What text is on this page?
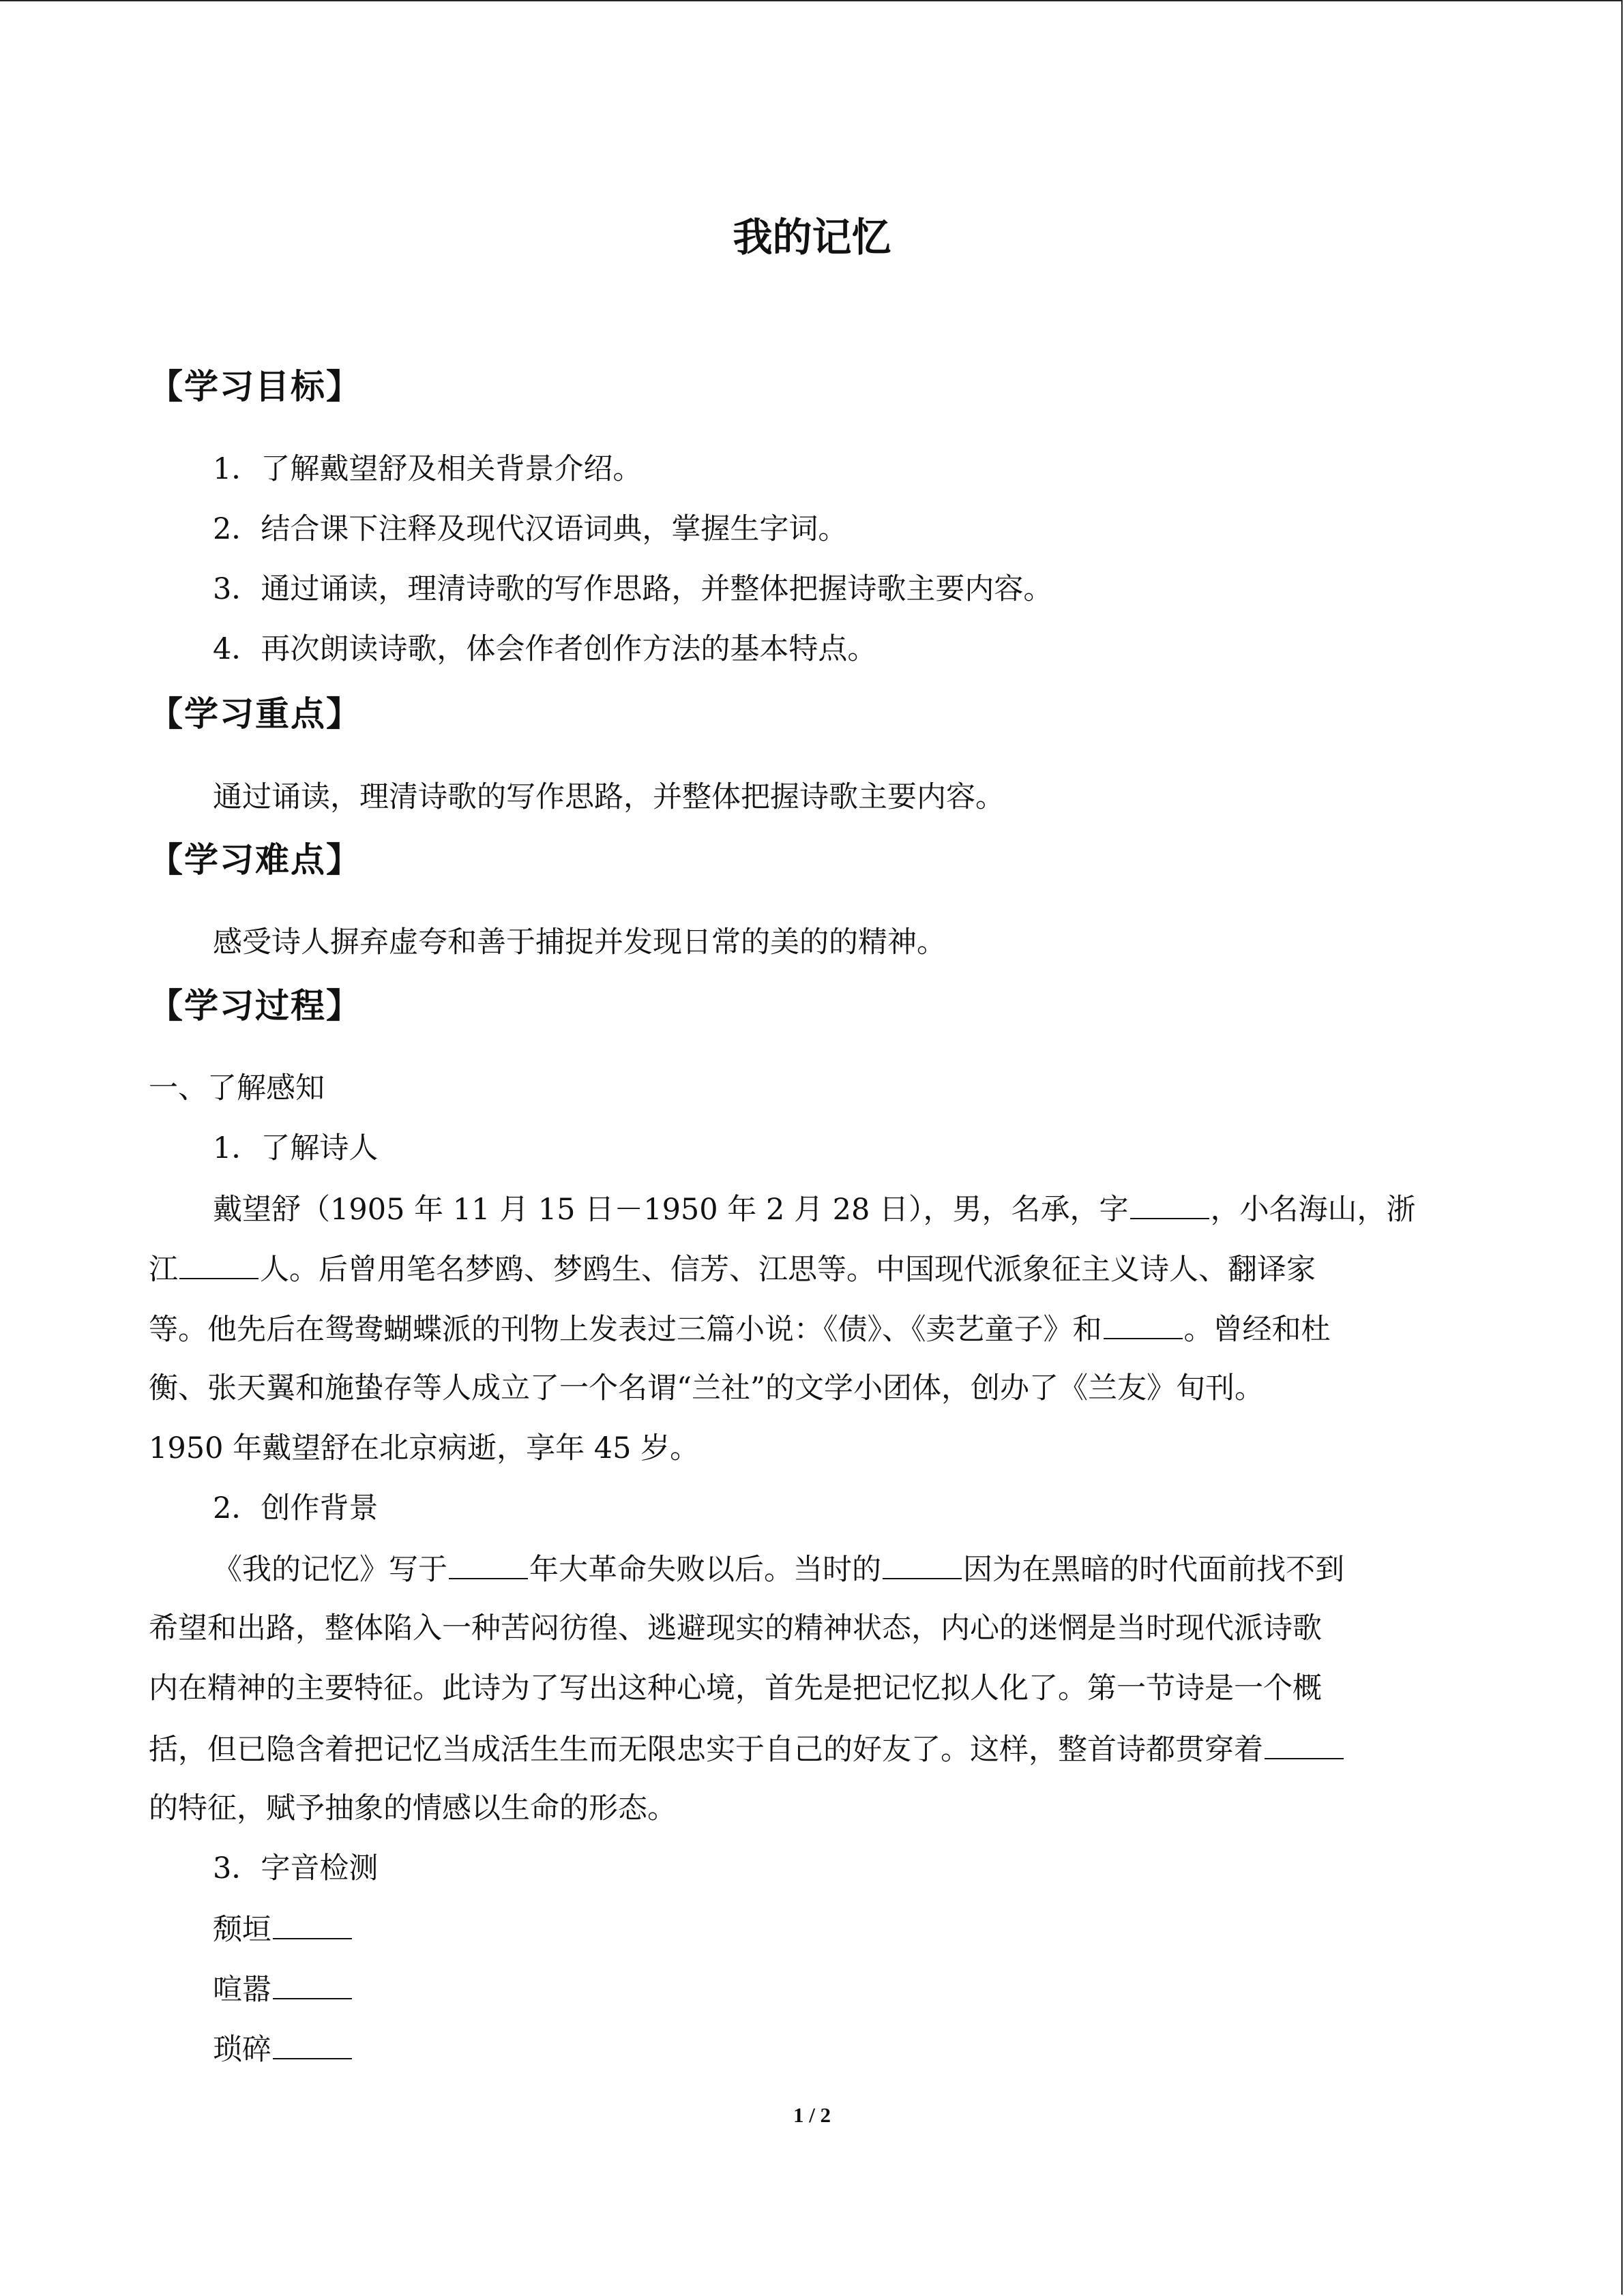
我的记忆
【学习目标】
1．了解戴望舒及相关背景介绍。
2．结合课下注释及现代汉语词典，掌握生字词。
3．通过诵读，理清诗歌的写作思路，并整体把握诗歌主要内容。
4．再次朗读诗歌，体会作者创作方法的基本特点。
【学习重点】
通过诵读，理清诗歌的写作思路，并整体把握诗歌主要内容。
【学习难点】
感受诗人摒弃虚夸和善于捕捉并发现日常的美的的精神。
【学习过程】
一、了解感知
1．了解诗人
戴望舒（1905 年 11 月 15 日－1950 年 2 月 28 日），男，名承，字	，小名海山，浙
江	人。后曾用笔名梦鸥、梦鸥生、信芳、江思等。中国现代派象征主义诗人、翻译家
等。他先后在鸳鸯蝴蝶派的刊物上发表过三篇小说：《债》、《卖艺童子》和	。曾经和杜
衡、张天翼和施蛰存等人成立了一个名谓“兰社”的文学小团体，创办了《兰友》旬刊。
1950 年戴望舒在北京病逝，享年 45 岁。
2．创作背景
《我的记忆》写于	年大革命失败以后。当时的	因为在黑暗的时代面前找不到
希望和出路，整体陷入一种苦闷彷徨、逃避现实的精神状态，内心的迷惘是当时现代派诗歌
内在精神的主要特征。此诗为了写出这种心境，首先是把记忆拟人化了。第一节诗是一个概
括，但已隐含着把记忆当成活生生而无限忠实于自己的好友了。这样，整首诗都贯穿着
的特征，赋予抽象的情感以生命的形态。
3．字音检测
颓垣
喧嚣
琐碎
1 / 2
